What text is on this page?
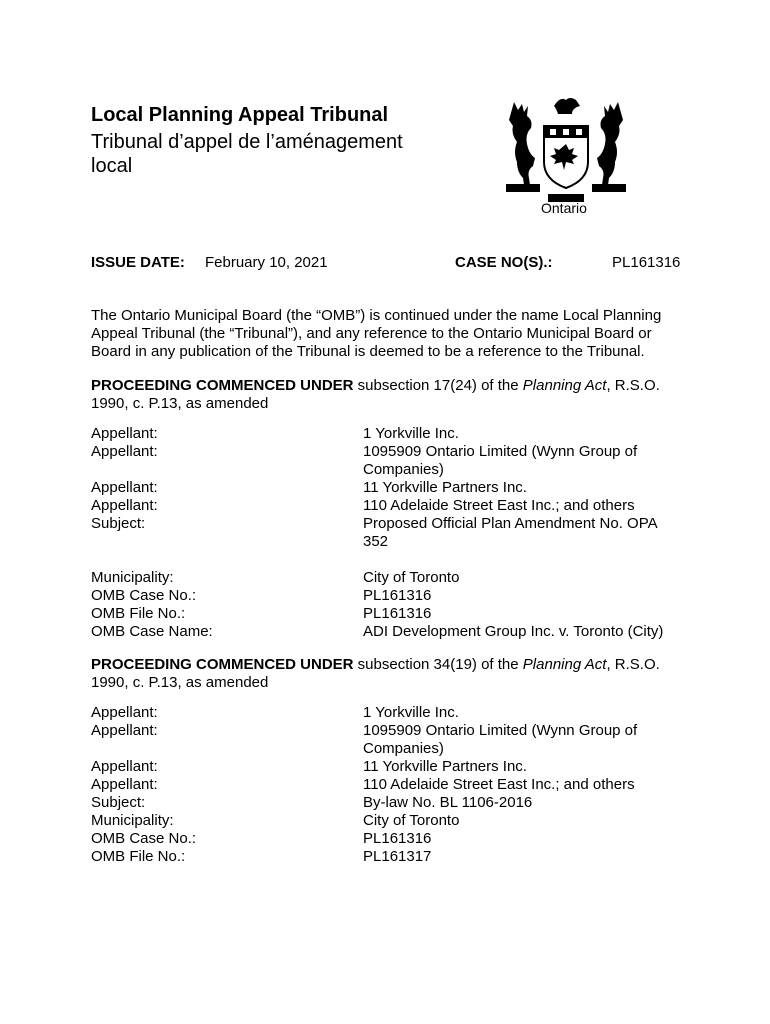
Local Planning Appeal Tribunal
Tribunal d’appel de l’aménagement local
Ontario
ISSUE DATE: February 10, 2021	CASE NO(S).:	PL161316
The Ontario Municipal Board (the “OMB”) is continued under the name Local Planning Appeal Tribunal (the “Tribunal”), and any reference to the Ontario Municipal Board or Board in any publication of the Tribunal is deemed to be a reference to the Tribunal.
PROCEEDING COMMENCED UNDER subsection 17(24) of the Planning Act, R.S.O. 1990, c. P.13, as amended
Appellant:	1 Yorkville Inc.
Appellant:	1095909 Ontario Limited (Wynn Group of Companies)
Appellant:	11 Yorkville Partners Inc.
Appellant:	110 Adelaide Street East Inc.; and others
Subject:	Proposed Official Plan Amendment No. OPA 352
Municipality:	City of Toronto
OMB Case No.:	PL161316
OMB File No.:	PL161316
OMB Case Name:	ADI Development Group Inc. v. Toronto (City)
PROCEEDING COMMENCED UNDER subsection 34(19) of the Planning Act, R.S.O. 1990, c. P.13, as amended
Appellant:	1 Yorkville Inc.
Appellant:	1095909 Ontario Limited (Wynn Group of Companies)
Appellant:	11 Yorkville Partners Inc.
Appellant:	110 Adelaide Street East Inc.; and others
Subject:	By-law No. BL 1106-2016
Municipality:	City of Toronto
OMB Case No.:	PL161316
OMB File No.:	PL161317
